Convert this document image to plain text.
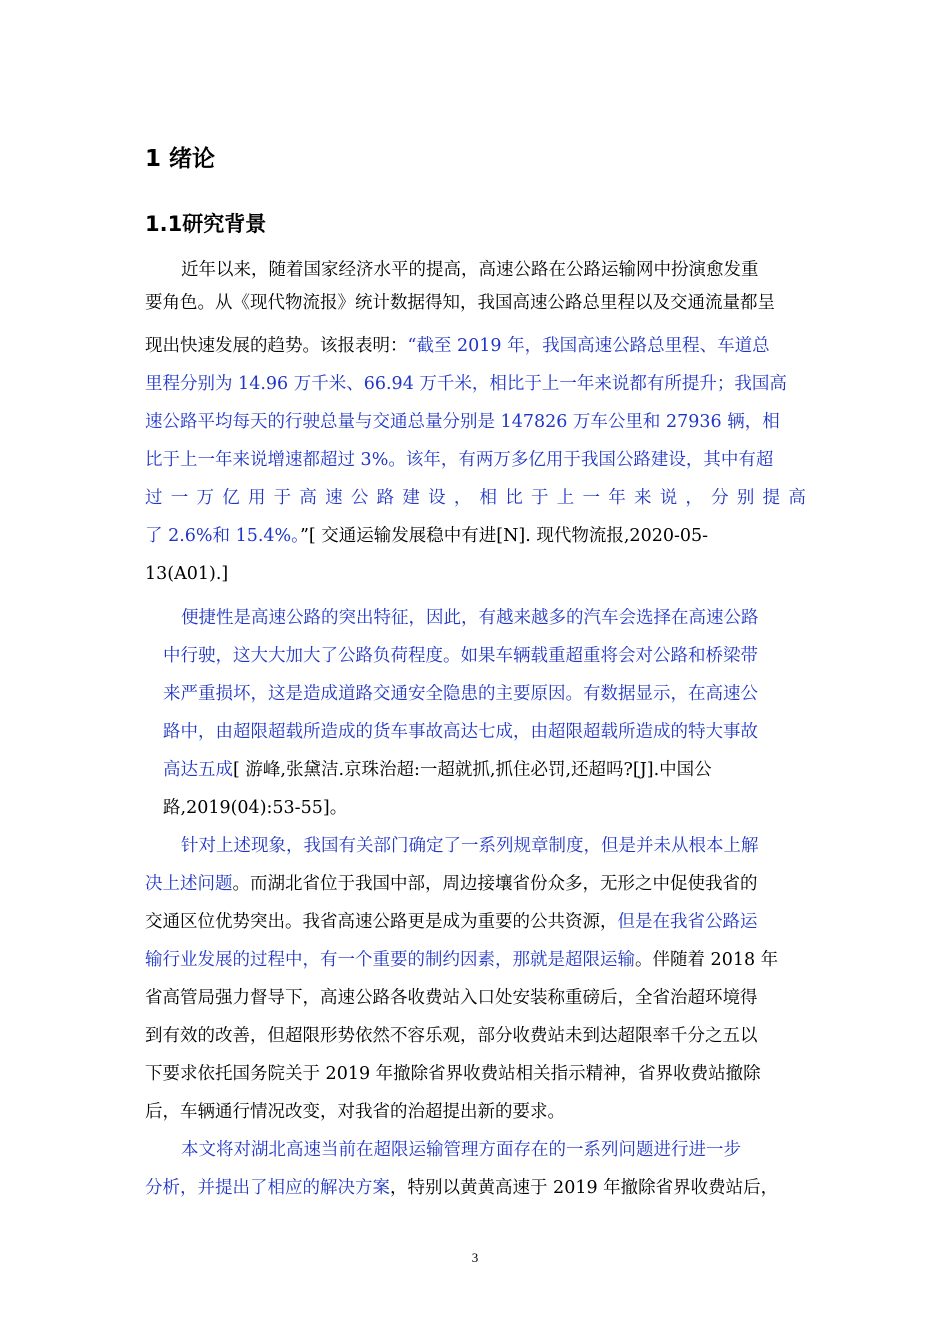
1 绪论
1.1研究背景
近年以来，随着国家经济水平的提高，高速公路在公路运输网中扮演愈发重
要角色。从《现代物流报》统计数据得知，我国高速公路总里程以及交通流量都呈
现出快速发展的趋势。该报表明：“截至 2019 年，我国高速公路总里程、车道总
里程分别为 14.96 万千米、66.94 万千米，相比于上一年来说都有所提升；我国高
速公路平均每天的行驶总量与交通总量分别是 147826 万车公里和 27936 辆，相
比于上一年来说增速都超过 3%。该年，有两万多亿用于我国公路建设，其中有超
过 一 万 亿 用 于 高 速 公 路 建 设 ， 相 比 于 上 一 年 来 说 ， 分 别 提 高
了 2.6%和 15.4%。”[ 交通运输发展稳中有进[N]. 现代物流报,2020-05-
13(A01).]
便捷性是高速公路的突出特征，因此，有越来越多的汽车会选择在高速公路
中行驶，这大大加大了公路负荷程度。如果车辆载重超重将会对公路和桥梁带
来严重损坏，这是造成道路交通安全隐患的主要原因。有数据显示，在高速公
路中，由超限超载所造成的货车事故高达七成，由超限超载所造成的特大事故
高达五成[ 游峰,张黛洁.京珠治超:一超就抓,抓住必罚,还超吗?[J].中国公
路,2019(04):53-55]。
针对上述现象，我国有关部门确定了一系列规章制度，但是并未从根本上解
决上述问题。而湖北省位于我国中部，周边接壤省份众多，无形之中促使我省的
交通区位优势突出。我省高速公路更是成为重要的公共资源，但是在我省公路运
输行业发展的过程中，有一个重要的制约因素，那就是超限运输。伴随着 2018 年
省高管局强力督导下，高速公路各收费站入口处安装称重磅后，全省治超环境得
到有效的改善，但超限形势依然不容乐观，部分收费站未到达超限率千分之五以
下要求依托国务院关于 2019 年撤除省界收费站相关指示精神，省界收费站撤除
后，车辆通行情况改变，对我省的治超提出新的要求。
本文将对湖北高速当前在超限运输管理方面存在的一系列问题进行进一步
分析，并提出了相应的解决方案，特别以黄黄高速于 2019 年撤除省界收费站后，
3
